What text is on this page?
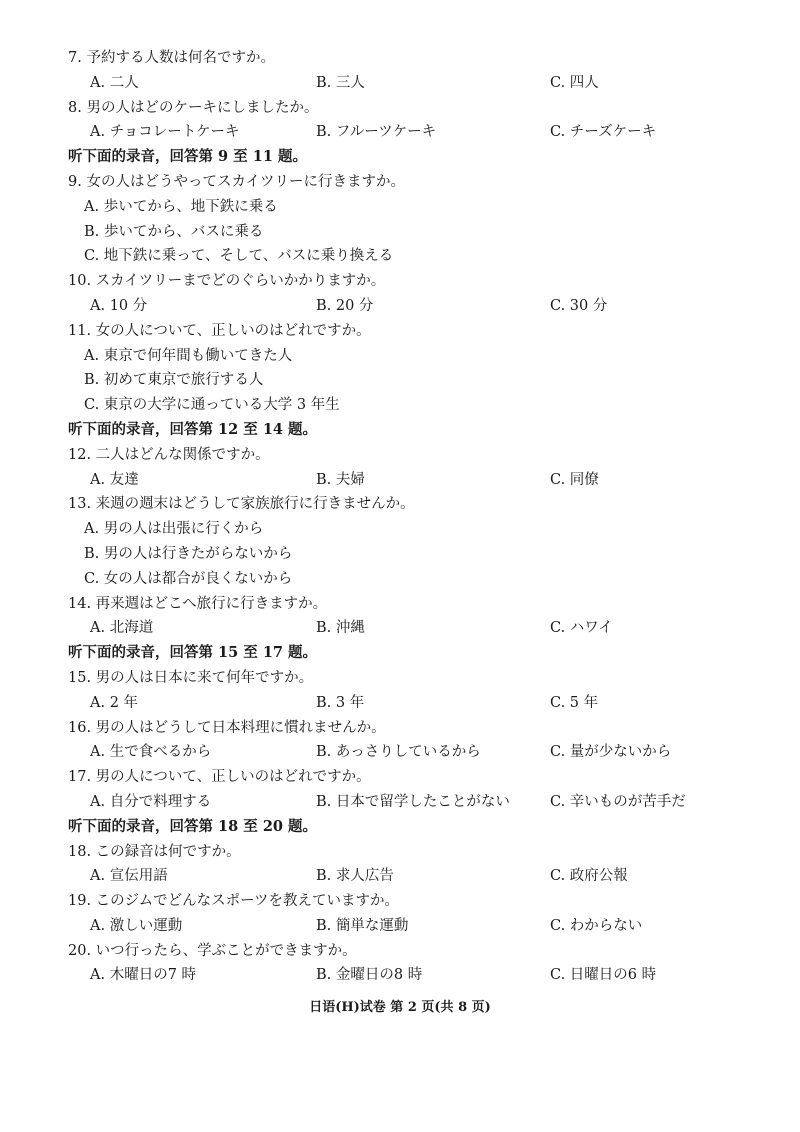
7. 予約する人数は何名ですか。
A. 二人	B. 三人	C. 四人
8. 男の人はどのケーキにしましたか。
A. チョコレートケーキ	B. フルーツケーキ	C. チーズケーキ
听下面的录音，回答第 9 至 11 题。
9. 女の人はどうやってスカイツリーに行きますか。
A. 歩いてから、地下鉄に乗る
B. 歩いてから、バスに乗る
C. 地下鉄に乗って、そして、バスに乗り換える
10. スカイツリーまでどのぐらいかかりますか。
A. 10 分	B. 20 分	C. 30 分
11. 女の人について、正しいのはどれですか。
A. 東京で何年間も働いてきた人
B. 初めて東京で旅行する人
C. 東京の大学に通っている大学 3 年生
听下面的录音，回答第 12 至 14 题。
12. 二人はどんな関係ですか。
A. 友達	B. 夫婦	C. 同僚
13. 来週の週末はどうして家族旅行に行きませんか。
A. 男の人は出張に行くから
B. 男の人は行きたがらないから
C. 女の人は都合が良くないから
14. 再来週はどこへ旅行に行きますか。
A. 北海道	B. 沖縄	C. ハワイ
听下面的录音，回答第 15 至 17 题。
15. 男の人は日本に来て何年ですか。
A. 2 年	B. 3 年	C. 5 年
16. 男の人はどうして日本料理に慣れませんか。
A. 生で食べるから	B. あっさりしているから	C. 量が少ないから
17. 男の人について、正しいのはどれですか。
A. 自分で料理する	B. 日本で留学したことがない	C. 辛いものが苦手だ
听下面的录音，回答第 18 至 20 题。
18. この録音は何ですか。
A. 宣伝用語	B. 求人広告	C. 政府公報
19. このジムでどんなスポーツを教えていますか。
A. 激しい運動	B. 簡単な運動	C. わからない
20. いつ行ったら、学ぶことができますか。
A. 木曜日の7 時	B. 金曜日の8 時	C. 日曜日の6 時
日语(H)试卷 第 2 页(共 8 页)
